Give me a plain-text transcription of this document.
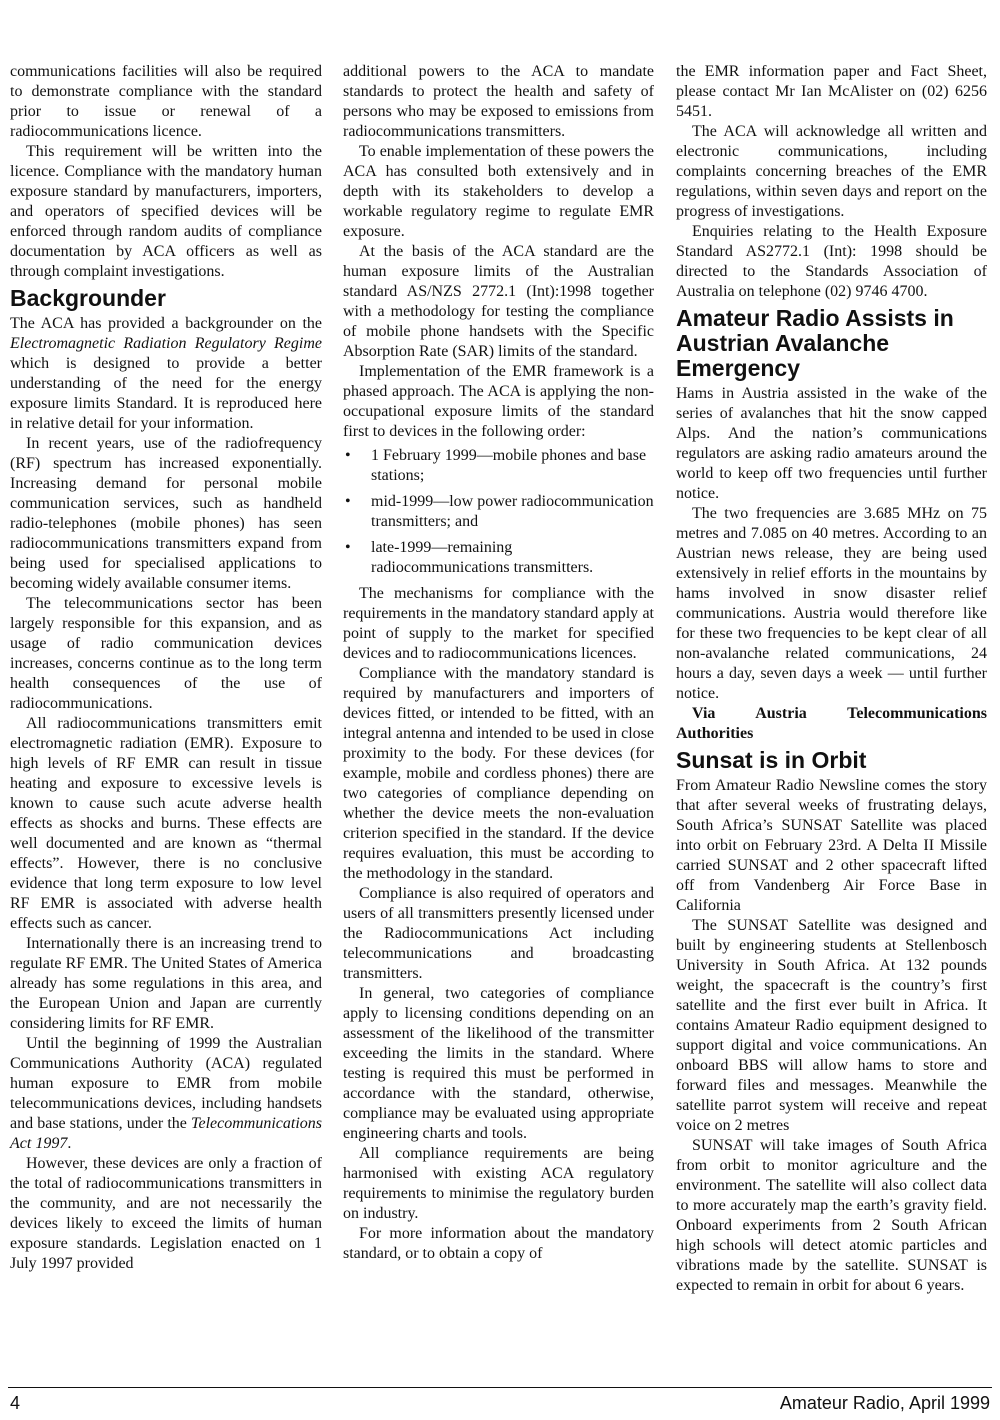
communications facilities will also be required to demonstrate compliance with the standard prior to issue or renewal of a radiocommunications licence.

This requirement will be written into the licence. Compliance with the mandatory human exposure standard by manufacturers, importers, and operators of specified devices will be enforced through random audits of compliance documentation by ACA officers as well as through complaint investigations.

Backgrounder

The ACA has provided a backgrounder on the Electromagnetic Radiation Regulatory Regime which is designed to provide a better understanding of the need for the energy exposure limits Standard. It is reproduced here in relative detail for your information.

In recent years, use of the radiofrequency (RF) spectrum has increased exponentially. Increasing demand for personal mobile communication services, such as handheld radio-telephones (mobile phones) has seen radiocommunications transmitters expand from being used for specialised applications to becoming widely available consumer items.

The telecommunications sector has been largely responsible for this expansion, and as usage of radio communication devices increases, concerns continue as to the long term health consequences of the use of radiocommunications.

All radiocommunications transmitters emit electromagnetic radiation (EMR). Exposure to high levels of RF EMR can result in tissue heating and exposure to excessive levels is known to cause such acute adverse health effects as shocks and burns. These effects are well documented and are known as “thermal effects”. However, there is no conclusive evidence that long term exposure to low level RF EMR is associated with adverse health effects such as cancer.

Internationally there is an increasing trend to regulate RF EMR. The United States of America already has some regulations in this area, and the European Union and Japan are currently considering limits for RF EMR.

Until the beginning of 1999 the Australian Communications Authority (ACA) regulated human exposure to EMR from mobile telecommunications devices, including handsets and base stations, under the Telecommunications Act 1997.

However, these devices are only a fraction of the total of radiocommunications transmitters in the community, and are not necessarily the devices likely to exceed the limits of human exposure standards. Legislation enacted on 1 July 1997 provided

additional powers to the ACA to mandate standards to protect the health and safety of persons who may be exposed to emissions from radiocommunications transmitters.

To enable implementation of these powers the ACA has consulted both extensively and in depth with its stakeholders to develop a workable regulatory regime to regulate EMR exposure.

At the basis of the ACA standard are the human exposure limits of the Australian standard AS/NZS 2772.1 (Int):1998 together with a methodology for testing the compliance of mobile phone handsets with the Specific Absorption Rate (SAR) limits of the standard.

Implementation of the EMR framework is a phased approach. The ACA is applying the non-occupational exposure limits of the standard first to devices in the following order:

• 1 February 1999—mobile phones and base stations;
• mid-1999—low power radiocommunication transmitters; and
• late-1999—remaining radiocommunications transmitters.

The mechanisms for compliance with the requirements in the mandatory standard apply at point of supply to the market for specified devices and to radiocommunications licences.

Compliance with the mandatory standard is required by manufacturers and importers of devices fitted, or intended to be fitted, with an integral antenna and intended to be used in close proximity to the body. For these devices (for example, mobile and cordless phones) there are two categories of compliance depending on whether the device meets the non-evaluation criterion specified in the standard. If the device requires evaluation, this must be according to the methodology in the standard.

Compliance is also required of operators and users of all transmitters presently licensed under the Radiocommunications Act including telecommunications and broadcasting transmitters.

In general, two categories of compliance apply to licensing conditions depending on an assessment of the likelihood of the transmitter exceeding the limits in the standard. Where testing is required this must be performed in accordance with the standard, otherwise, compliance may be evaluated using appropriate engineering charts and tools.

All compliance requirements are being harmonised with existing ACA regulatory requirements to minimise the regulatory burden on industry.

For more information about the mandatory standard, or to obtain a copy of

the EMR information paper and Fact Sheet, please contact Mr Ian McAlister on (02) 6256 5451.

The ACA will acknowledge all written and electronic communications, including complaints concerning breaches of the EMR regulations, within seven days and report on the progress of investigations.

Enquiries relating to the Health Exposure Standard AS2772.1 (Int): 1998 should be directed to the Standards Association of Australia on telephone (02) 9746 4700.

Amateur Radio Assists in Austrian Avalanche Emergency

Hams in Austria assisted in the wake of the series of avalanches that hit the snow capped Alps. And the nation’s communications regulators are asking radio amateurs around the world to keep off two frequencies until further notice.

The two frequencies are 3.685 MHz on 75 metres and 7.085 on 40 metres. According to an Austrian news release, they are being used extensively in relief efforts in the mountains by hams involved in snow disaster relief communications. Austria would therefore like for these two frequencies to be kept clear of all non-avalanche related communications, 24 hours a day, seven days a week — until further notice.

Via Austria Telecommunications Authorities

Sunsat is in Orbit

From Amateur Radio Newsline comes the story that after several weeks of frustrating delays, South Africa’s SUNSAT Satellite was placed into orbit on February 23rd. A Delta II Missile carried SUNSAT and 2 other spacecraft lifted off from Vandenberg Air Force Base in California

The SUNSAT Satellite was designed and built by engineering students at Stellenbosch University in South Africa. At 132 pounds weight, the spacecraft is the country’s first satellite and the first ever built in Africa. It contains Amateur Radio equipment designed to support digital and voice communications. An onboard BBS will allow hams to store and forward files and messages. Meanwhile the satellite parrot system will receive and repeat voice on 2 metres

SUNSAT will take images of South Africa from orbit to monitor agriculture and the environment. The satellite will also collect data to more accurately map the earth’s gravity field. Onboard experiments from 2 South African high schools will detect atomic particles and vibrations made by the satellite. SUNSAT is expected to remain in orbit for about 6 years.

4	Amateur Radio, April 1999
